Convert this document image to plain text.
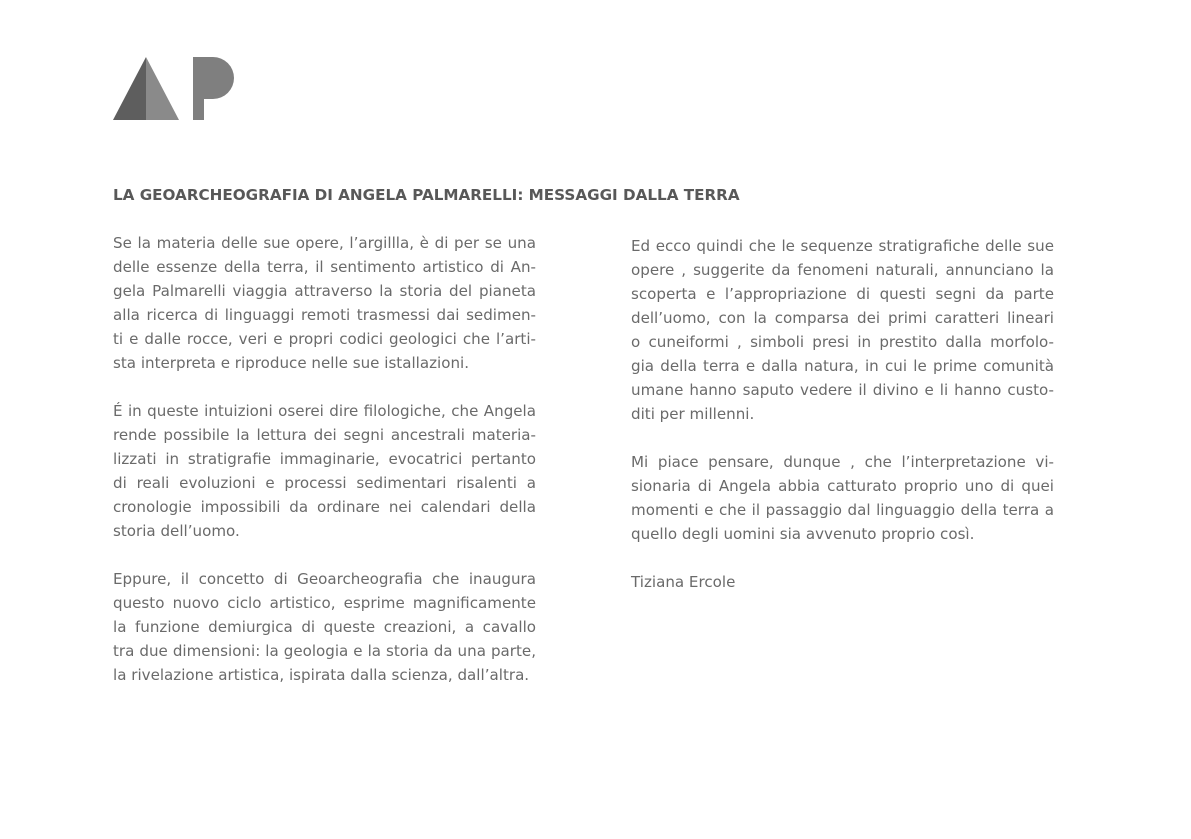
LA GEOARCHEOGRAFIA DI ANGELA PALMARELLI: MESSAGGI DALLA TERRA

Se la materia delle sue opere, l’argillla, è di per se una
delle essenze della terra, il sentimento artistico di An-
gela Palmarelli viaggia attraverso la storia del pianeta
alla ricerca di linguaggi remoti trasmessi dai sedimen-
ti e dalle rocce, veri e propri codici geologici che l’arti-
sta interpreta e riproduce nelle sue istallazioni.

É in queste intuizioni oserei dire filologiche, che Angela
rende possibile la lettura dei segni ancestrali materia-
lizzati in stratigrafie immaginarie, evocatrici pertanto
di reali evoluzioni e processi sedimentari risalenti a
cronologie impossibili da ordinare nei calendari della
storia dell’uomo.

Eppure, il concetto di Geoarcheografia che inaugura
questo nuovo ciclo artistico, esprime magnificamente
la funzione demiurgica di queste creazioni, a cavallo
tra due dimensioni: la geologia e la storia da una parte,
la rivelazione artistica, ispirata dalla scienza, dall’altra.

Ed ecco quindi che le sequenze stratigrafiche delle sue
opere , suggerite da fenomeni naturali, annunciano la
scoperta e l’appropriazione di questi segni da parte
dell’uomo, con la comparsa dei primi caratteri lineari
o cuneiformi , simboli presi in prestito dalla morfolo-
gia della terra e dalla natura, in cui le prime comunità
umane hanno saputo vedere il divino e li hanno custo-
diti per millenni.

Mi piace pensare, dunque , che l’interpretazione vi-
sionaria di Angela abbia catturato proprio uno di quei
momenti e che il passaggio dal linguaggio della terra a
quello degli uomini sia avvenuto proprio così.

Tiziana Ercole
